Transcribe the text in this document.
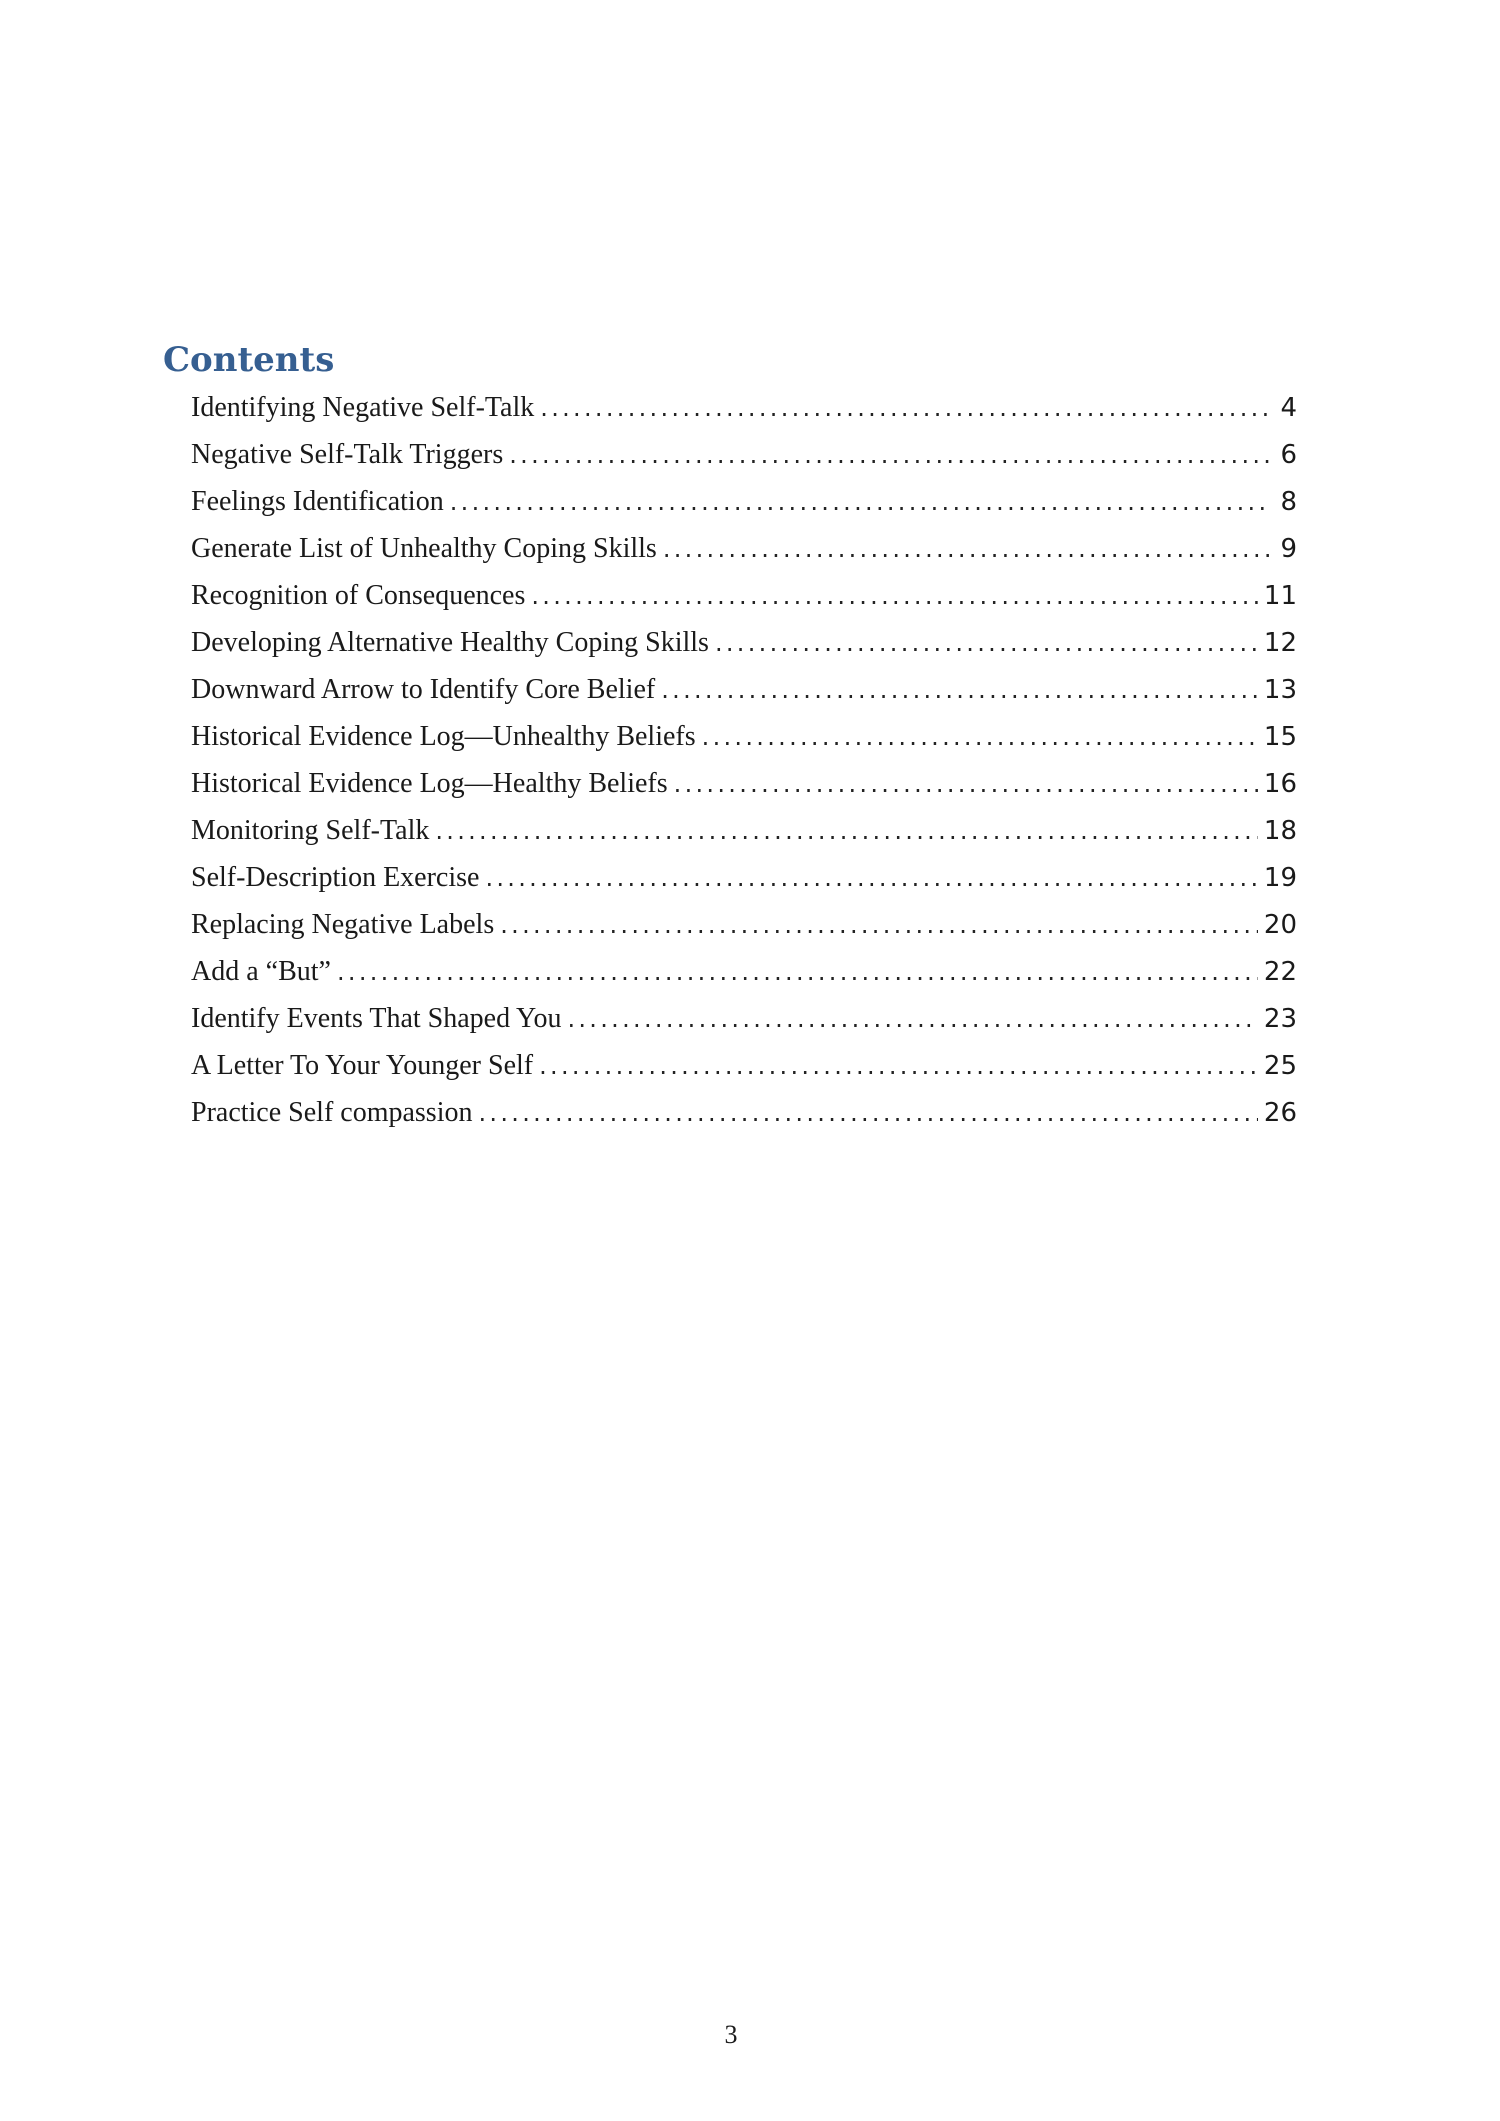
Contents
Identifying Negative Self-Talk .....	4
Negative Self-Talk Triggers .....	6
Feelings Identification .....	8
Generate List of Unhealthy Coping Skills .....	9
Recognition of Consequences .....	11
Developing Alternative Healthy Coping Skills .....	12
Downward Arrow to Identify Core Belief .....	13
Historical Evidence Log—Unhealthy Beliefs .....	15
Historical Evidence Log—Healthy Beliefs .....	16
Monitoring Self-Talk .....	18
Self-Description Exercise .....	19
Replacing Negative Labels .....	20
Add a “But” .....	22
Identify Events That Shaped You .....	23
A Letter To Your Younger Self .....	25
Practice Self compassion .....	26
3
